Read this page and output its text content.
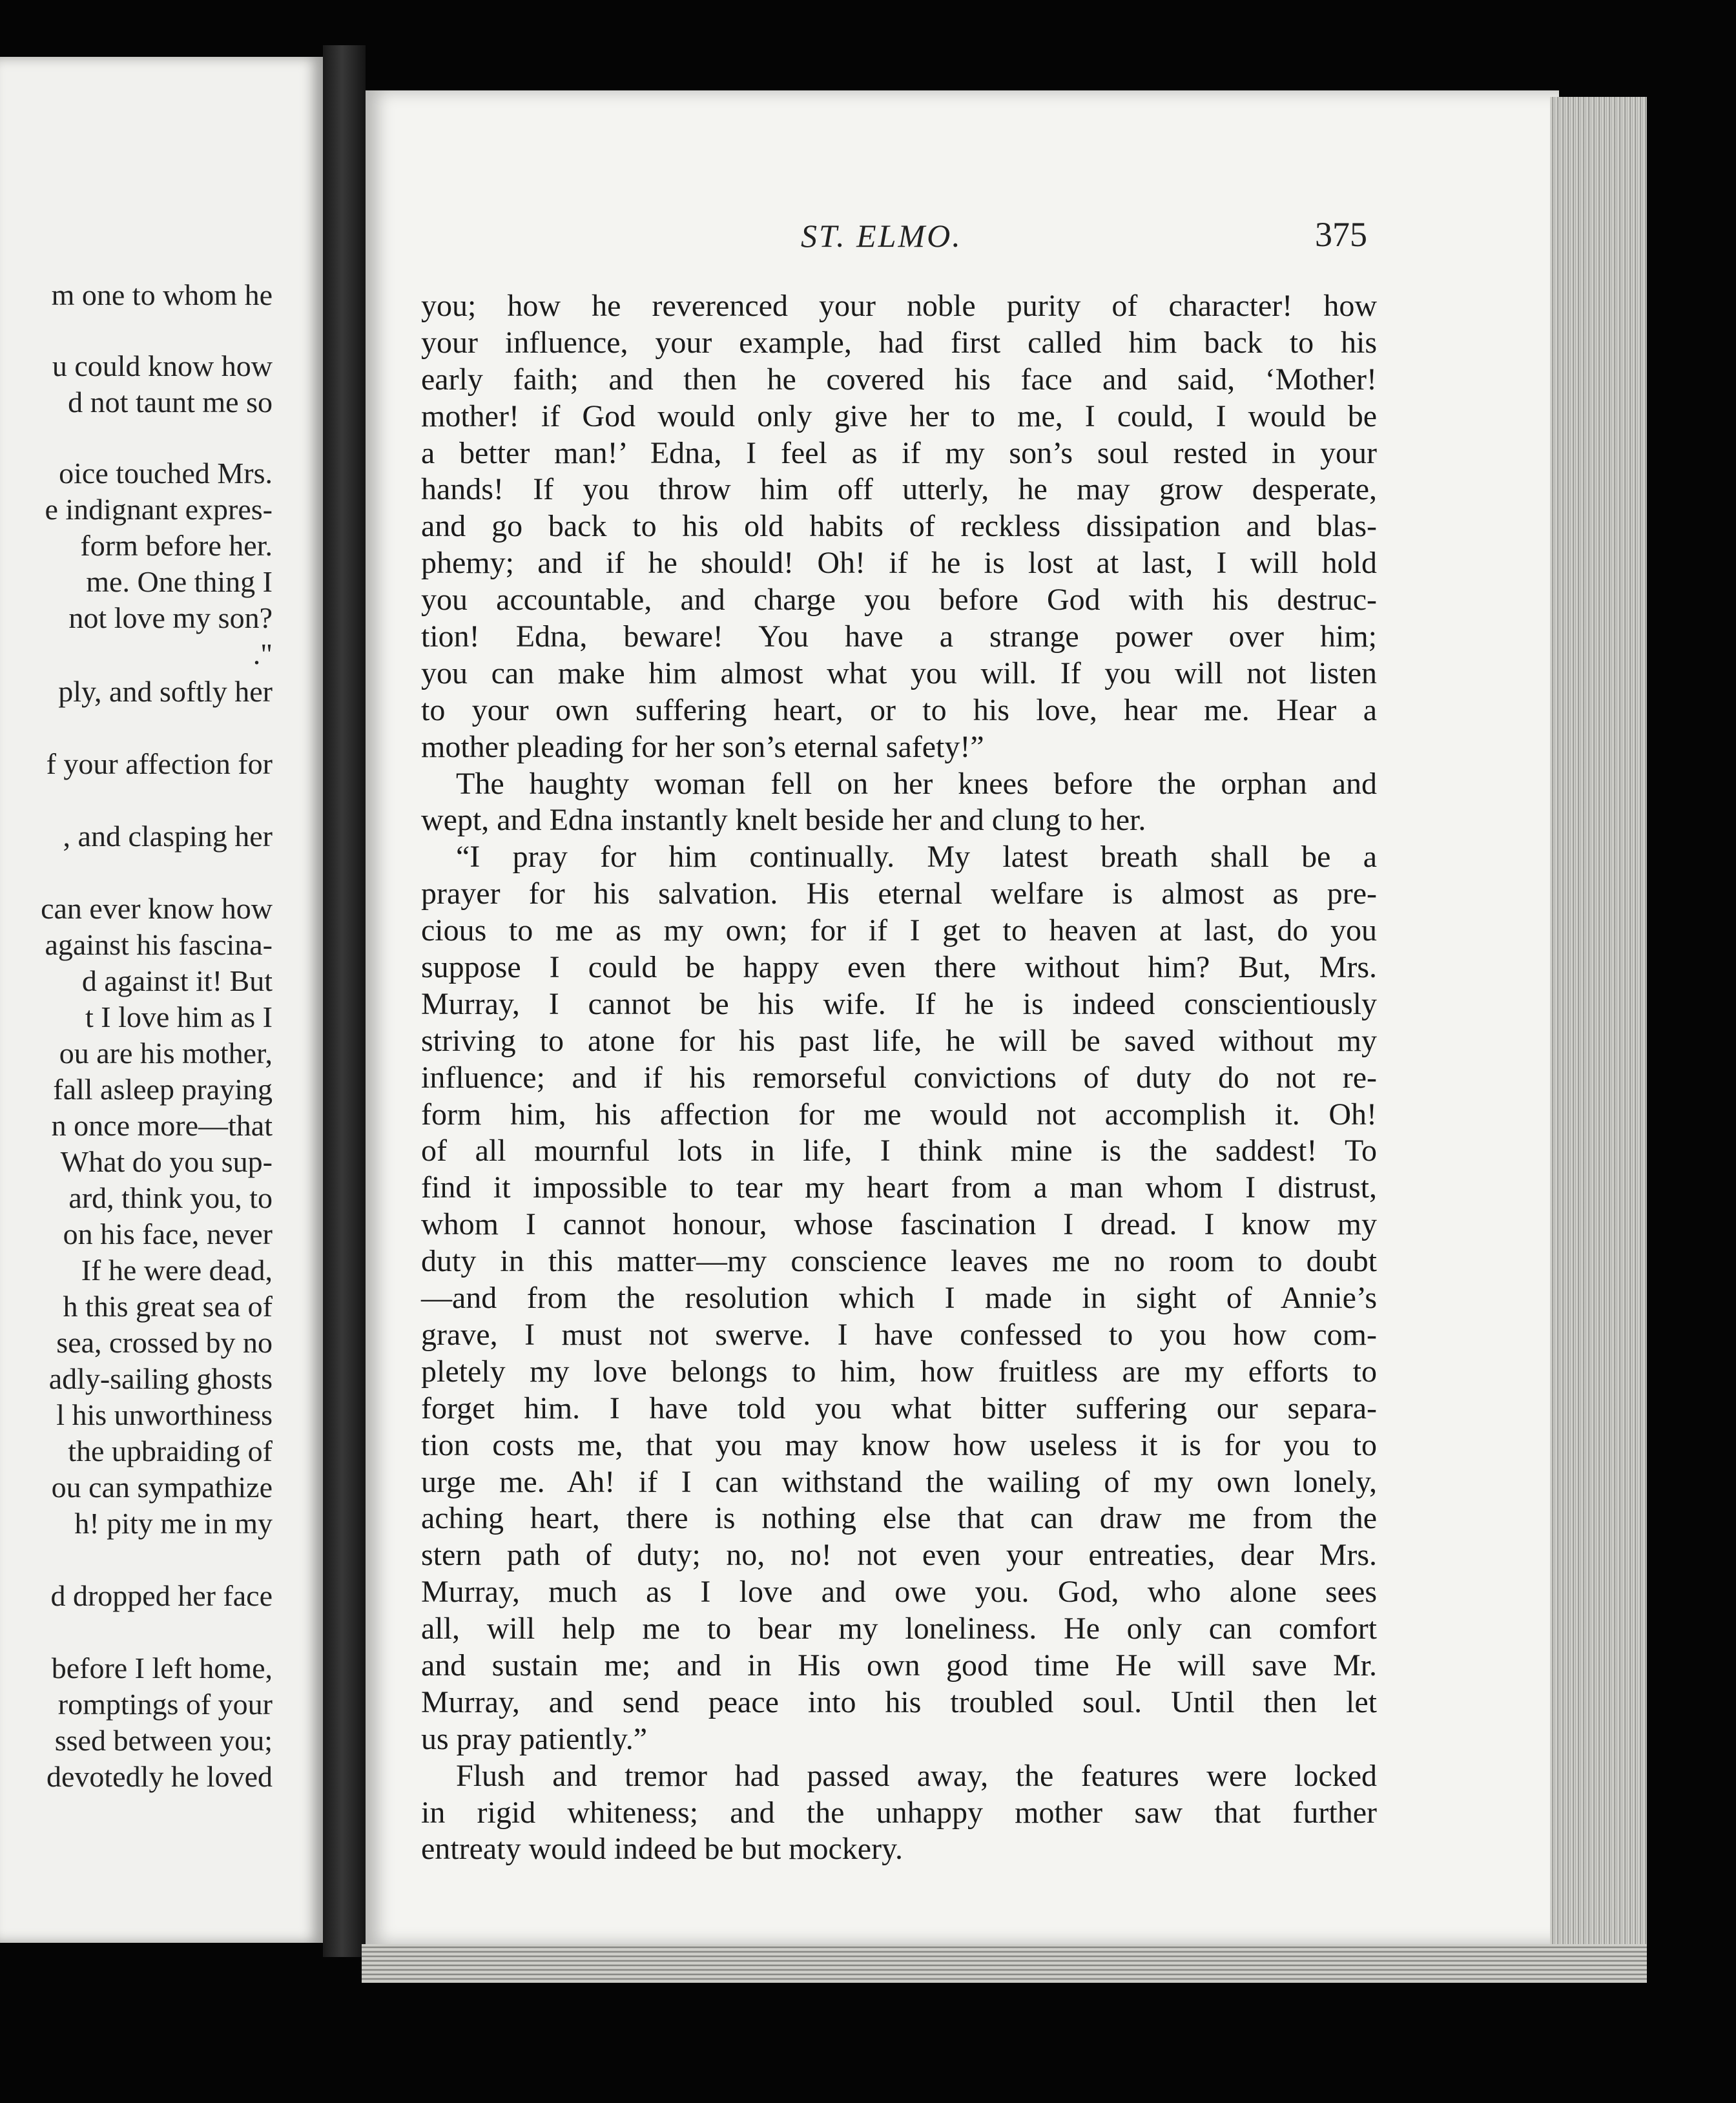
m one to whom he
u could know how
d not taunt me so
oice touched Mrs.
e indignant expres-
form before her.
me. One thing I
not love my son?
."
ply, and softly her
f your affection for
, and clasping her
can ever know how
against his fascina-
d against it! But
t I love him as I
ou are his mother,
fall asleep praying
n once more—that
What do you sup-
ard, think you, to
on his face, never
If he were dead,
h this great sea of
sea, crossed by no
adly-sailing ghosts
l his unworthiness
the upbraiding of
ou can sympathize
h! pity me in my
d dropped her face
before I left home,
romptings of your
ssed between you;
devotedly he loved
ST. ELMO.	375
you; how he reverenced your noble purity of character! how
your influence, your example, had first called him back to his
early faith; and then he covered his face and said, ‘Mother!
mother! if God would only give her to me, I could, I would be
a better man!’ Edna, I feel as if my son’s soul rested in your
hands! If you throw him off utterly, he may grow desperate,
and go back to his old habits of reckless dissipation and blas-
phemy; and if he should! Oh! if he is lost at last, I will hold
you accountable, and charge you before God with his destruc-
tion! Edna, beware! You have a strange power over him;
you can make him almost what you will. If you will not listen
to your own suffering heart, or to his love, hear me. Hear a
mother pleading for her son’s eternal safety!”
The haughty woman fell on her knees before the orphan and
wept, and Edna instantly knelt beside her and clung to her.
“I pray for him continually. My latest breath shall be a
prayer for his salvation. His eternal welfare is almost as pre-
cious to me as my own; for if I get to heaven at last, do you
suppose I could be happy even there without him? But, Mrs.
Murray, I cannot be his wife. If he is indeed conscientiously
striving to atone for his past life, he will be saved without my
influence; and if his remorseful convictions of duty do not re-
form him, his affection for me would not accomplish it. Oh!
of all mournful lots in life, I think mine is the saddest! To
find it impossible to tear my heart from a man whom I distrust,
whom I cannot honour, whose fascination I dread. I know my
duty in this matter—my conscience leaves me no room to doubt
—and from the resolution which I made in sight of Annie’s
grave, I must not swerve. I have confessed to you how com-
pletely my love belongs to him, how fruitless are my efforts to
forget him. I have told you what bitter suffering our separa-
tion costs me, that you may know how useless it is for you to
urge me. Ah! if I can withstand the wailing of my own lonely,
aching heart, there is nothing else that can draw me from the
stern path of duty; no, no! not even your entreaties, dear Mrs.
Murray, much as I love and owe you. God, who alone sees
all, will help me to bear my loneliness. He only can comfort
and sustain me; and in His own good time He will save Mr.
Murray, and send peace into his troubled soul. Until then let
us pray patiently.”
Flush and tremor had passed away, the features were locked
in rigid whiteness; and the unhappy mother saw that further
entreaty would indeed be but mockery.
